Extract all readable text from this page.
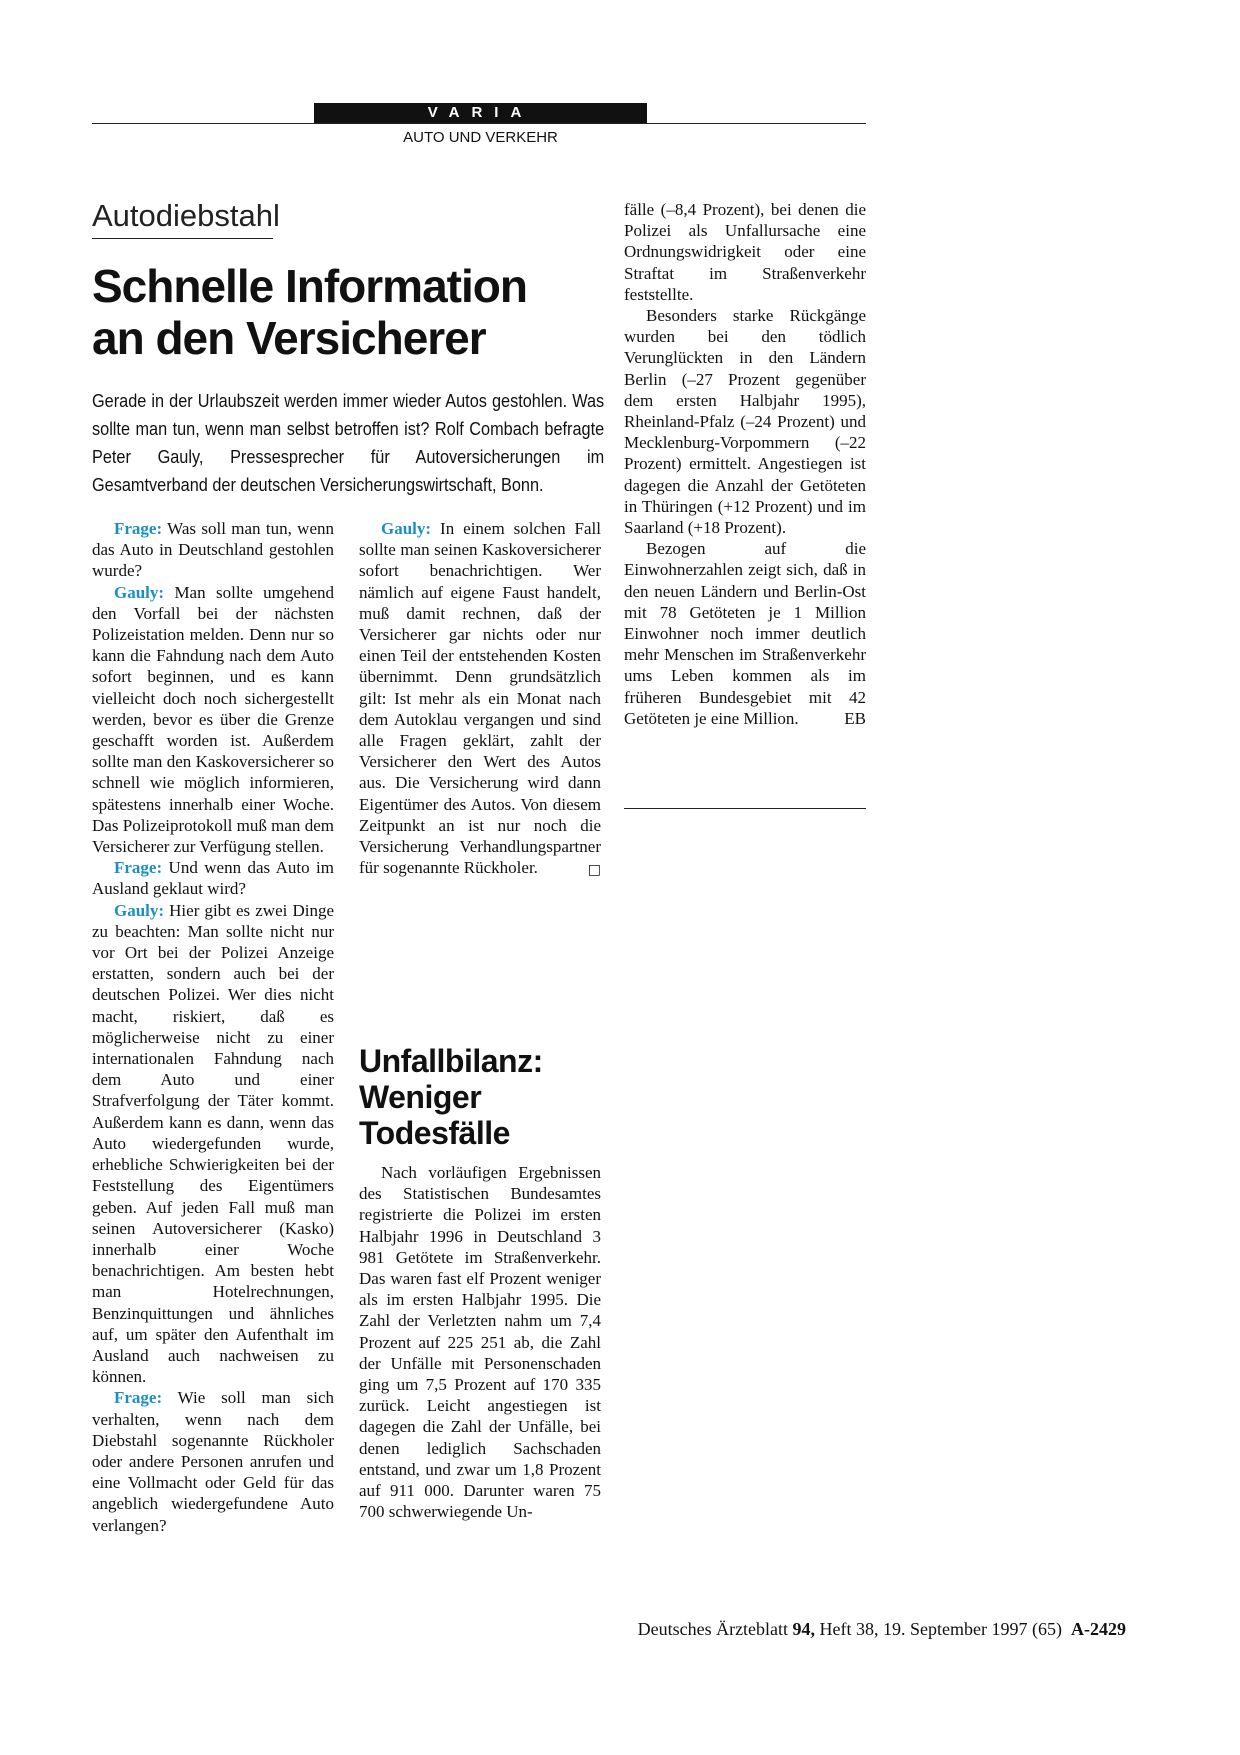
VARIA
AUTO UND VERKEHR
Autodiebstahl
Schnelle Information
an den Versicherer

Gerade in der Urlaubszeit werden immer wieder Autos gestohlen. Was sollte man tun, wenn man selbst betroffen ist? Rolf Combach befragte Peter Gauly, Pressesprecher für Autoversicherungen im Gesamtverband der deutschen Versicherungswirtschaft, Bonn.

Frage: Was soll man tun, wenn das Auto in Deutschland gestohlen wurde?

Gauly: Man sollte umgehend den Vorfall bei der nächsten Polizeistation melden. Denn nur so kann die Fahndung nach dem Auto sofort beginnen, und es kann vielleicht doch noch sichergestellt werden, bevor es über die Grenze geschafft worden ist. Außerdem sollte man den Kaskoversicherer so schnell wie möglich informieren, spätestens innerhalb einer Woche. Das Polizeiprotokoll muß man dem Versicherer zur Verfügung stellen.

Frage: Und wenn das Auto im Ausland geklaut wird?

Gauly: Hier gibt es zwei Dinge zu beachten: Man sollte nicht nur vor Ort bei der Polizei Anzeige erstatten, sondern auch bei der deutschen Polizei. Wer dies nicht macht, riskiert, daß es möglicherweise nicht zu einer internationalen Fahndung nach dem Auto und einer Strafverfolgung der Täter kommt. Außerdem kann es dann, wenn das Auto wiedergefunden wurde, erhebliche Schwierigkeiten bei der Feststellung des Eigentümers geben. Auf jeden Fall muß man seinen Autoversicherer (Kasko) innerhalb einer Woche benachrichtigen. Am besten hebt man Hotelrechnungen, Benzinquittungen und ähnliches auf, um später den Aufenthalt im Ausland auch nachweisen zu können.

Frage: Wie soll man sich verhalten, wenn nach dem Diebstahl sogenannte Rückholer oder andere Personen anrufen und eine Vollmacht oder Geld für das angeblich wiedergefundene Auto verlangen?

Gauly: In einem solchen Fall sollte man seinen Kaskoversicherer sofort benachrichtigen. Wer nämlich auf eigene Faust handelt, muß damit rechnen, daß der Versicherer gar nichts oder nur einen Teil der entstehenden Kosten übernimmt. Denn grundsätzlich gilt: Ist mehr als ein Monat nach dem Autoklau vergangen und sind alle Fragen geklärt, zahlt der Versicherer den Wert des Autos aus. Die Versicherung wird dann Eigentümer des Autos. Von diesem Zeitpunkt an ist nur noch die Versicherung Verhandlungspartner für sogenannte Rückholer.	□

Unfallbilanz: Weniger Todesfälle

Nach vorläufigen Ergebnissen des Statistischen Bundesamtes registrierte die Polizei im ersten Halbjahr 1996 in Deutschland 3 981 Getötete im Straßenverkehr. Das waren fast elf Prozent weniger als im ersten Halbjahr 1995. Die Zahl der Verletzten nahm um 7,4 Prozent auf 225 251 ab, die Zahl der Unfälle mit Personenschaden ging um 7,5 Prozent auf 170 335 zurück. Leicht angestiegen ist dagegen die Zahl der Unfälle, bei denen lediglich Sachschaden entstand, und zwar um 1,8 Prozent auf 911 000. Darunter waren 75 700 schwerwiegende Un-

fälle (–8,4 Prozent), bei denen die Polizei als Unfallursache eine Ordnungswidrigkeit oder eine Straftat im Straßenverkehr feststellte.

Besonders starke Rückgänge wurden bei den tödlich Verunglückten in den Ländern Berlin (–27 Prozent gegenüber dem ersten Halbjahr 1995), Rheinland-Pfalz (–24 Prozent) und Mecklenburg-Vorpommern (–22 Prozent) ermittelt. Angestiegen ist dagegen die Anzahl der Getöteten in Thüringen (+12 Prozent) und im Saarland (+18 Prozent).

Bezogen auf die Einwohnerzahlen zeigt sich, daß in den neuen Ländern und Berlin-Ost mit 78 Getöteten je 1 Million Einwohner noch immer deutlich mehr Menschen im Straßenverkehr ums Leben kommen als im früheren Bundesgebiet mit 42 Getöteten je eine Million.	EB

Deutsches Ärzteblatt 94, Heft 38, 19. September 1997 (65) A-2429
